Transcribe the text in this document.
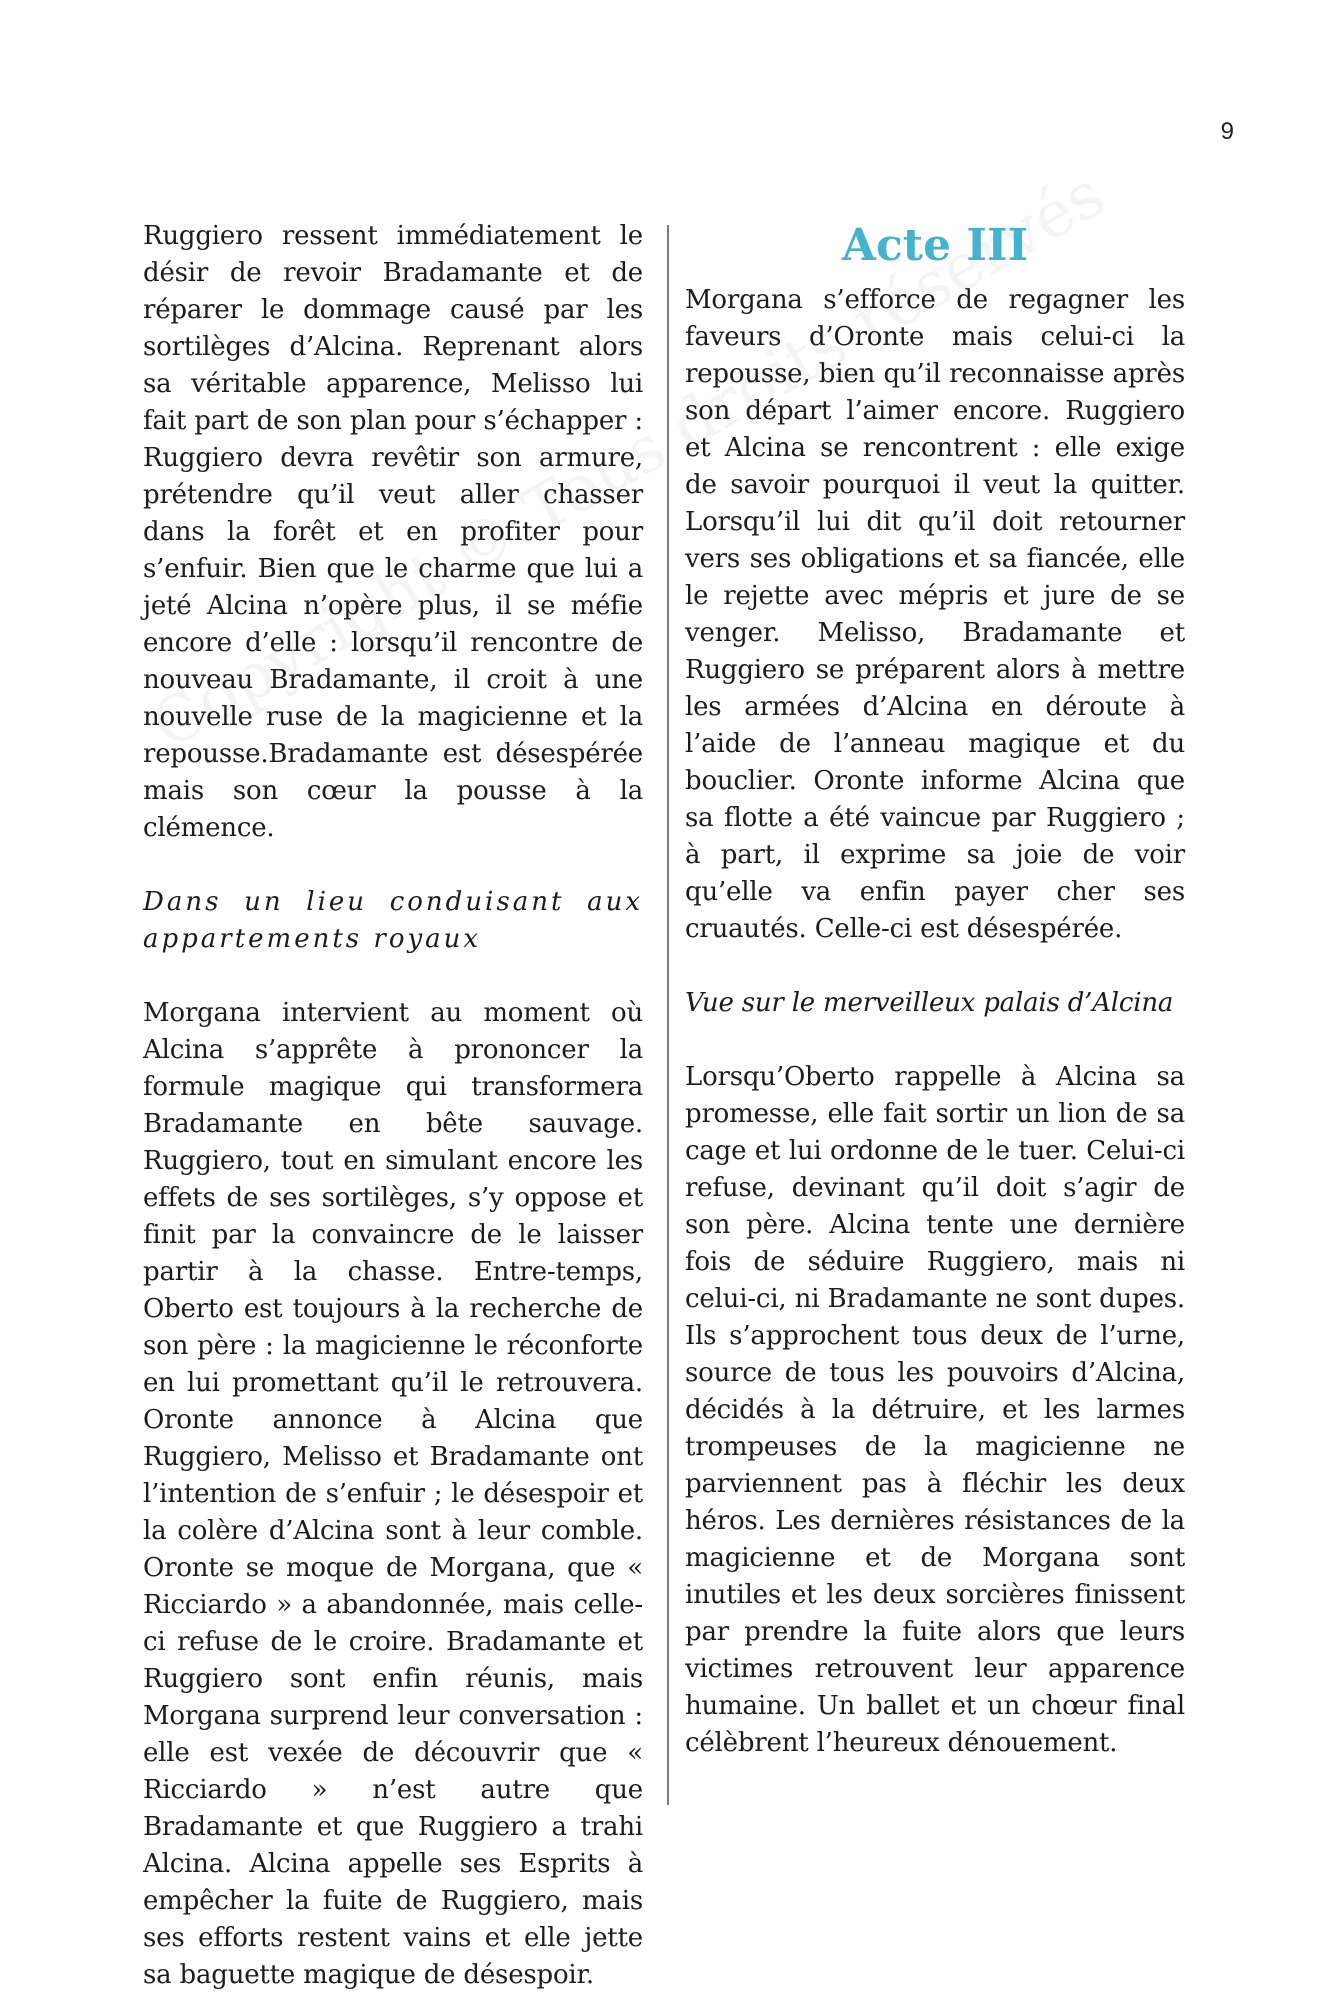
9

Ruggiero ressent immédiatement le désir de revoir Bradamante et de réparer le dommage causé par les sortilèges d’Alcina. Reprenant alors sa véritable apparence, Melisso lui fait part de son plan pour s’échapper : Ruggiero devra revêtir son armure, prétendre qu’il veut aller chasser dans la forêt et en profiter pour s’enfuir. Bien que le charme que lui a jeté Alcina n’opère plus, il se méfie encore d’elle : lorsqu’il rencontre de nouveau Bradamante, il croit à une nouvelle ruse de la magicienne et la repousse.Bradamante est désespérée mais son cœur la pousse à la clémence.

Dans un lieu conduisant aux appartements royaux

Morgana intervient au moment où Alcina s’apprête à prononcer la formule magique qui transformera Bradamante en bête sauvage. Ruggiero, tout en simulant encore les effets de ses sortilèges, s’y oppose et finit par la convaincre de le laisser partir à la chasse. Entre-temps, Oberto est toujours à la recherche de son père : la magicienne le réconforte en lui promettant qu’il le retrouvera. Oronte annonce à Alcina que Ruggiero, Melisso et Bradamante ont l’intention de s’enfuir ; le désespoir et la colère d’Alcina sont à leur comble. Oronte se moque de Morgana, que « Ricciardo » a abandonnée, mais celle-ci refuse de le croire. Bradamante et Ruggiero sont enfin réunis, mais Morgana surprend leur conversation : elle est vexée de découvrir que « Ricciardo » n’est autre que Bradamante et que Ruggiero a trahi Alcina. Alcina appelle ses Esprits à empêcher la fuite de Ruggiero, mais ses efforts restent vains et elle jette sa baguette magique de désespoir.

Acte III

Morgana s’efforce de regagner les faveurs d’Oronte mais celui-ci la repousse, bien qu’il reconnaisse après son départ l’aimer encore. Ruggiero et Alcina se rencontrent : elle exige de savoir pourquoi il veut la quitter. Lorsqu’il lui dit qu’il doit retourner vers ses obligations et sa fiancée, elle le rejette avec mépris et jure de se venger. Melisso, Bradamante et Ruggiero se préparent alors à mettre les armées d’Alcina en déroute à l’aide de l’anneau magique et du bouclier. Oronte informe Alcina que sa flotte a été vaincue par Ruggiero ; à part, il exprime sa joie de voir qu’elle va enfin payer cher ses cruautés. Celle-ci est désespérée.

Vue sur le merveilleux palais d’Alcina

Lorsqu’Oberto rappelle à Alcina sa promesse, elle fait sortir un lion de sa cage et lui ordonne de le tuer. Celui-ci refuse, devinant qu’il doit s’agir de son père. Alcina tente une dernière fois de séduire Ruggiero, mais ni celui-ci, ni Bradamante ne sont dupes. Ils s’approchent tous deux de l’urne, source de tous les pouvoirs d’Alcina, décidés à la détruire, et les larmes trompeuses de la magicienne ne parviennent pas à fléchir les deux héros. Les dernières résistances de la magicienne et de Morgana sont inutiles et les deux sorcières finissent par prendre la fuite alors que leurs victimes retrouvent leur apparence humaine. Un ballet et un chœur final célèbrent l’heureux dénouement.
